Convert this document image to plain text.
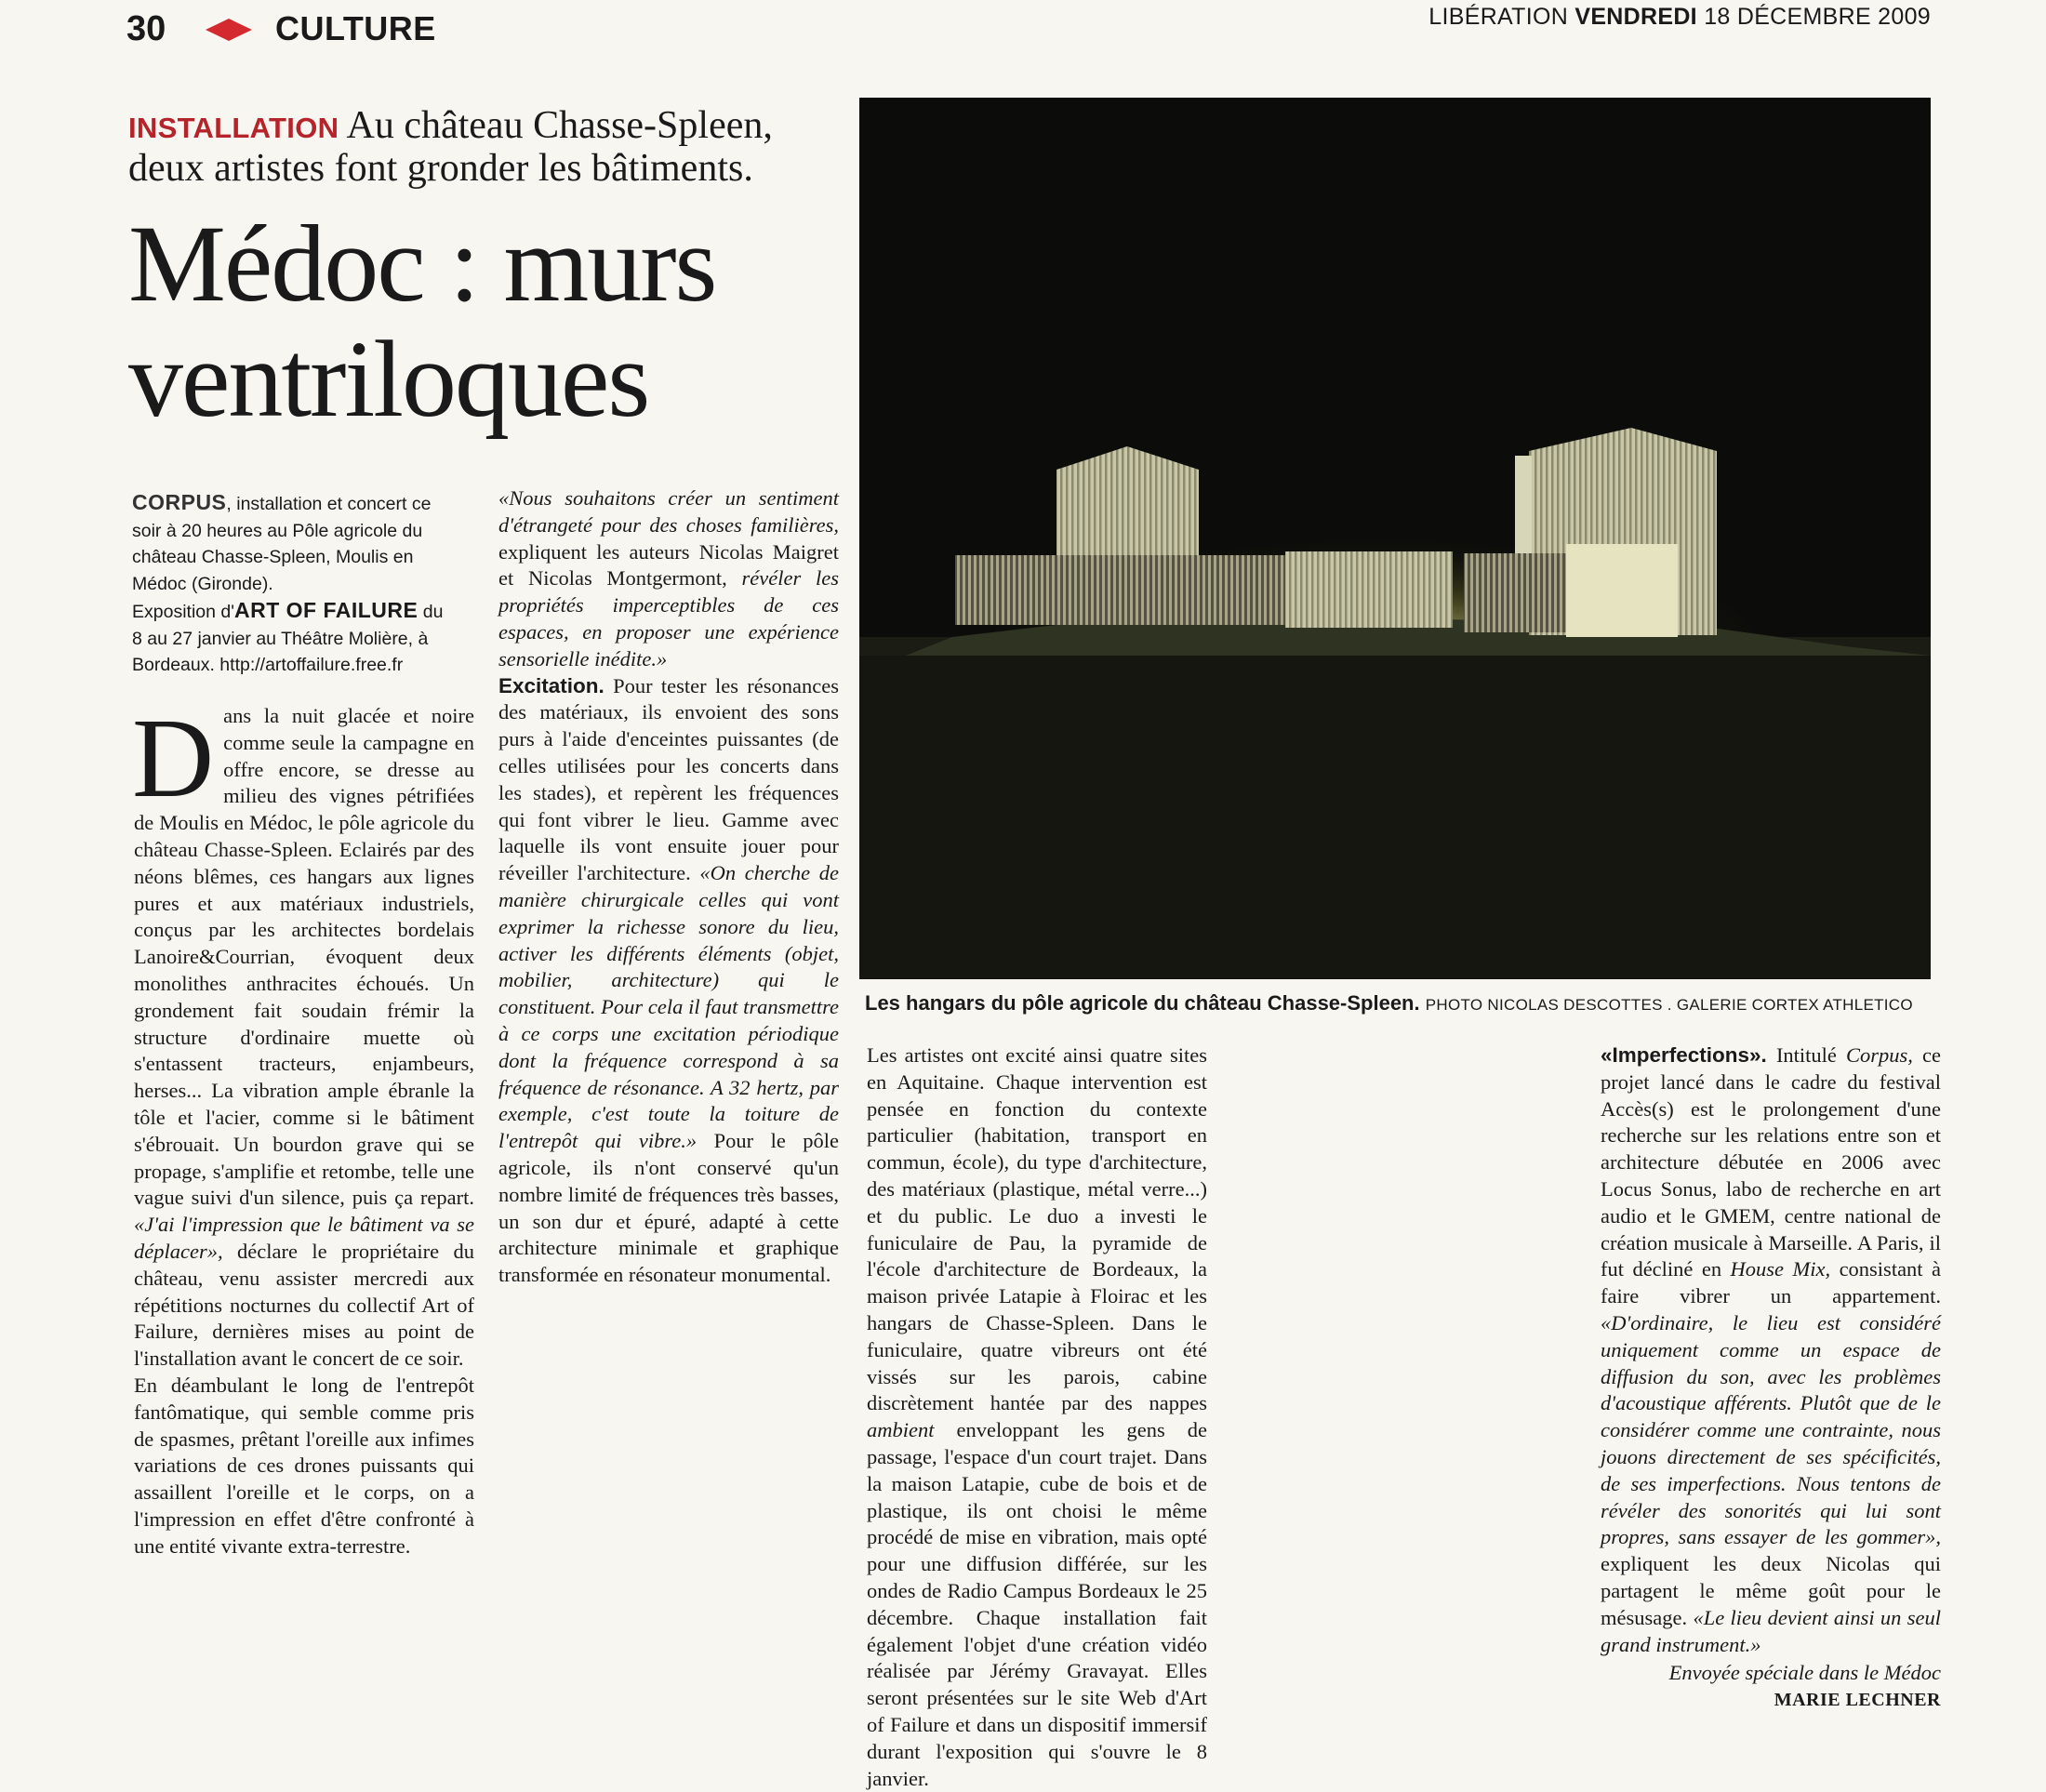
30	CULTURE	LIBÉRATION VENDREDI 18 DÉCEMBRE 2009
INSTALLATION Au château Chasse-Spleen, deux artistes font gronder les bâtiments.
Médoc : murs ventriloques
CORPUS, installation et concert ce soir à 20 heures au Pôle agricole du château Chasse-Spleen, Moulis en Médoc (Gironde).
Exposition d'ART OF FAILURE du 8 au 27 janvier au Théâtre Molière, à Bordeaux. http://artoffailure.free.fr
Les hangars du pôle agricole du château Chasse-Spleen. PHOTO NICOLAS DESCOTTES . GALERIE CORTEX ATHLETICO

Dans la nuit glacée et noire comme seule la campagne en offre encore, se dresse au milieu des vignes pétrifiées de Moulis en Médoc, le pôle agricole du château Chasse-Spleen. Eclairés par des néons blêmes, ces hangars aux lignes pures et aux matériaux industriels, conçus par les architectes bordelais Lanoire&Courrian, évoquent deux monolithes anthracites échoués. Un grondement fait soudain frémir la structure d'ordinaire muette où s'entassent tracteurs, enjambeurs, herses... La vibration ample ébranle la tôle et l'acier, comme si le bâtiment s'ébrouait. Un bourdon grave qui se propage, s'amplifie et retombe, telle une vague suivi d'un silence, puis ça repart. «J'ai l'impression que le bâtiment va se déplacer», déclare le propriétaire du château, venu assister mercredi aux répétitions nocturnes du collectif Art of Failure, dernières mises au point de l'installation avant le concert de ce soir.

En déambulant le long de l'entrepôt fantômatique, qui semble comme pris de spasmes, prêtant l'oreille aux infimes variations de ces drones puissants qui assaillent l'oreille et le corps, on a l'impression en effet d'être confronté à une entité vivante extra-terrestre.

«Nous souhaitons créer un sentiment d'étrangeté pour des choses familières, expliquent les auteurs Nicolas Maigret et Nicolas Montgermont, révéler les propriétés imperceptibles de ces espaces, en proposer une expérience sensorielle inédite.»

Excitation. Pour tester les résonances des matériaux, ils envoient des sons purs à l'aide d'enceintes puissantes (de celles utilisées pour les concerts dans les stades), et repèrent les fréquences qui font vibrer le lieu. Gamme avec laquelle ils vont ensuite jouer pour réveiller l'architecture. «On cherche de manière chirurgicale celles qui vont exprimer la richesse sonore du lieu, activer les différents éléments (objet, mobilier, architecture) qui le constituent. Pour cela il faut transmettre à ce corps une excitation périodique dont la fréquence correspond à sa fréquence de résonance. A 32 hertz, par exemple, c'est toute la toiture de l'entrepôt qui vibre.» Pour le pôle agricole, ils n'ont conservé qu'un nombre limité de fréquences très basses, un son dur et épuré, adapté à cette architecture minimale et graphique transformée en résonateur monumental.

Les artistes ont excité ainsi quatre sites en Aquitaine. Chaque intervention est pensée en fonction du contexte particulier (habitation, transport en commun, école), du type d'architecture, des matériaux (plastique, métal verre...) et du public. Le duo a investi le funiculaire de Pau, la pyramide de l'école d'architecture de Bordeaux, la maison privée Latapie à Floirac et les hangars de Chasse-Spleen. Dans le funiculaire, quatre vibreurs ont été vissés sur les parois, cabine discrètement hantée par des nappes ambient enveloppant les gens de passage, l'espace d'un court trajet. Dans la maison Latapie, cube de bois et de plastique, ils ont choisi le même procédé de mise en vibration, mais opté pour une diffusion différée, sur les ondes de Radio Campus Bordeaux le 25 décembre. Chaque installation fait également l'objet d'une création vidéo réalisée par Jérémy Gravayat. Elles seront présentées sur le site Web d'Art of Failure et dans un dispositif immersif durant l'exposition qui s'ouvre le 8 janvier.

«Imperfections». Intitulé Corpus, ce projet lancé dans le cadre du festival Accès(s) est le prolongement d'une recherche sur les relations entre son et architecture débutée en 2006 avec Locus Sonus, labo de recherche en art audio et le GMEM, centre national de création musicale à Marseille. A Paris, il fut décliné en House Mix, consistant à faire vibrer un appartement. «D'ordinaire, le lieu est considéré uniquement comme un espace de diffusion du son, avec les problèmes d'acoustique afférents. Plutôt que de le considérer comme une contrainte, nous jouons directement de ses spécificités, de ses imperfections. Nous tentons de révéler des sonorités qui lui sont propres, sans essayer de les gommer», expliquent les deux Nicolas qui partagent le même goût pour le mésusage. «Le lieu devient ainsi un seul grand instrument.»

Envoyée spéciale dans le Médoc

MARIE LECHNER
